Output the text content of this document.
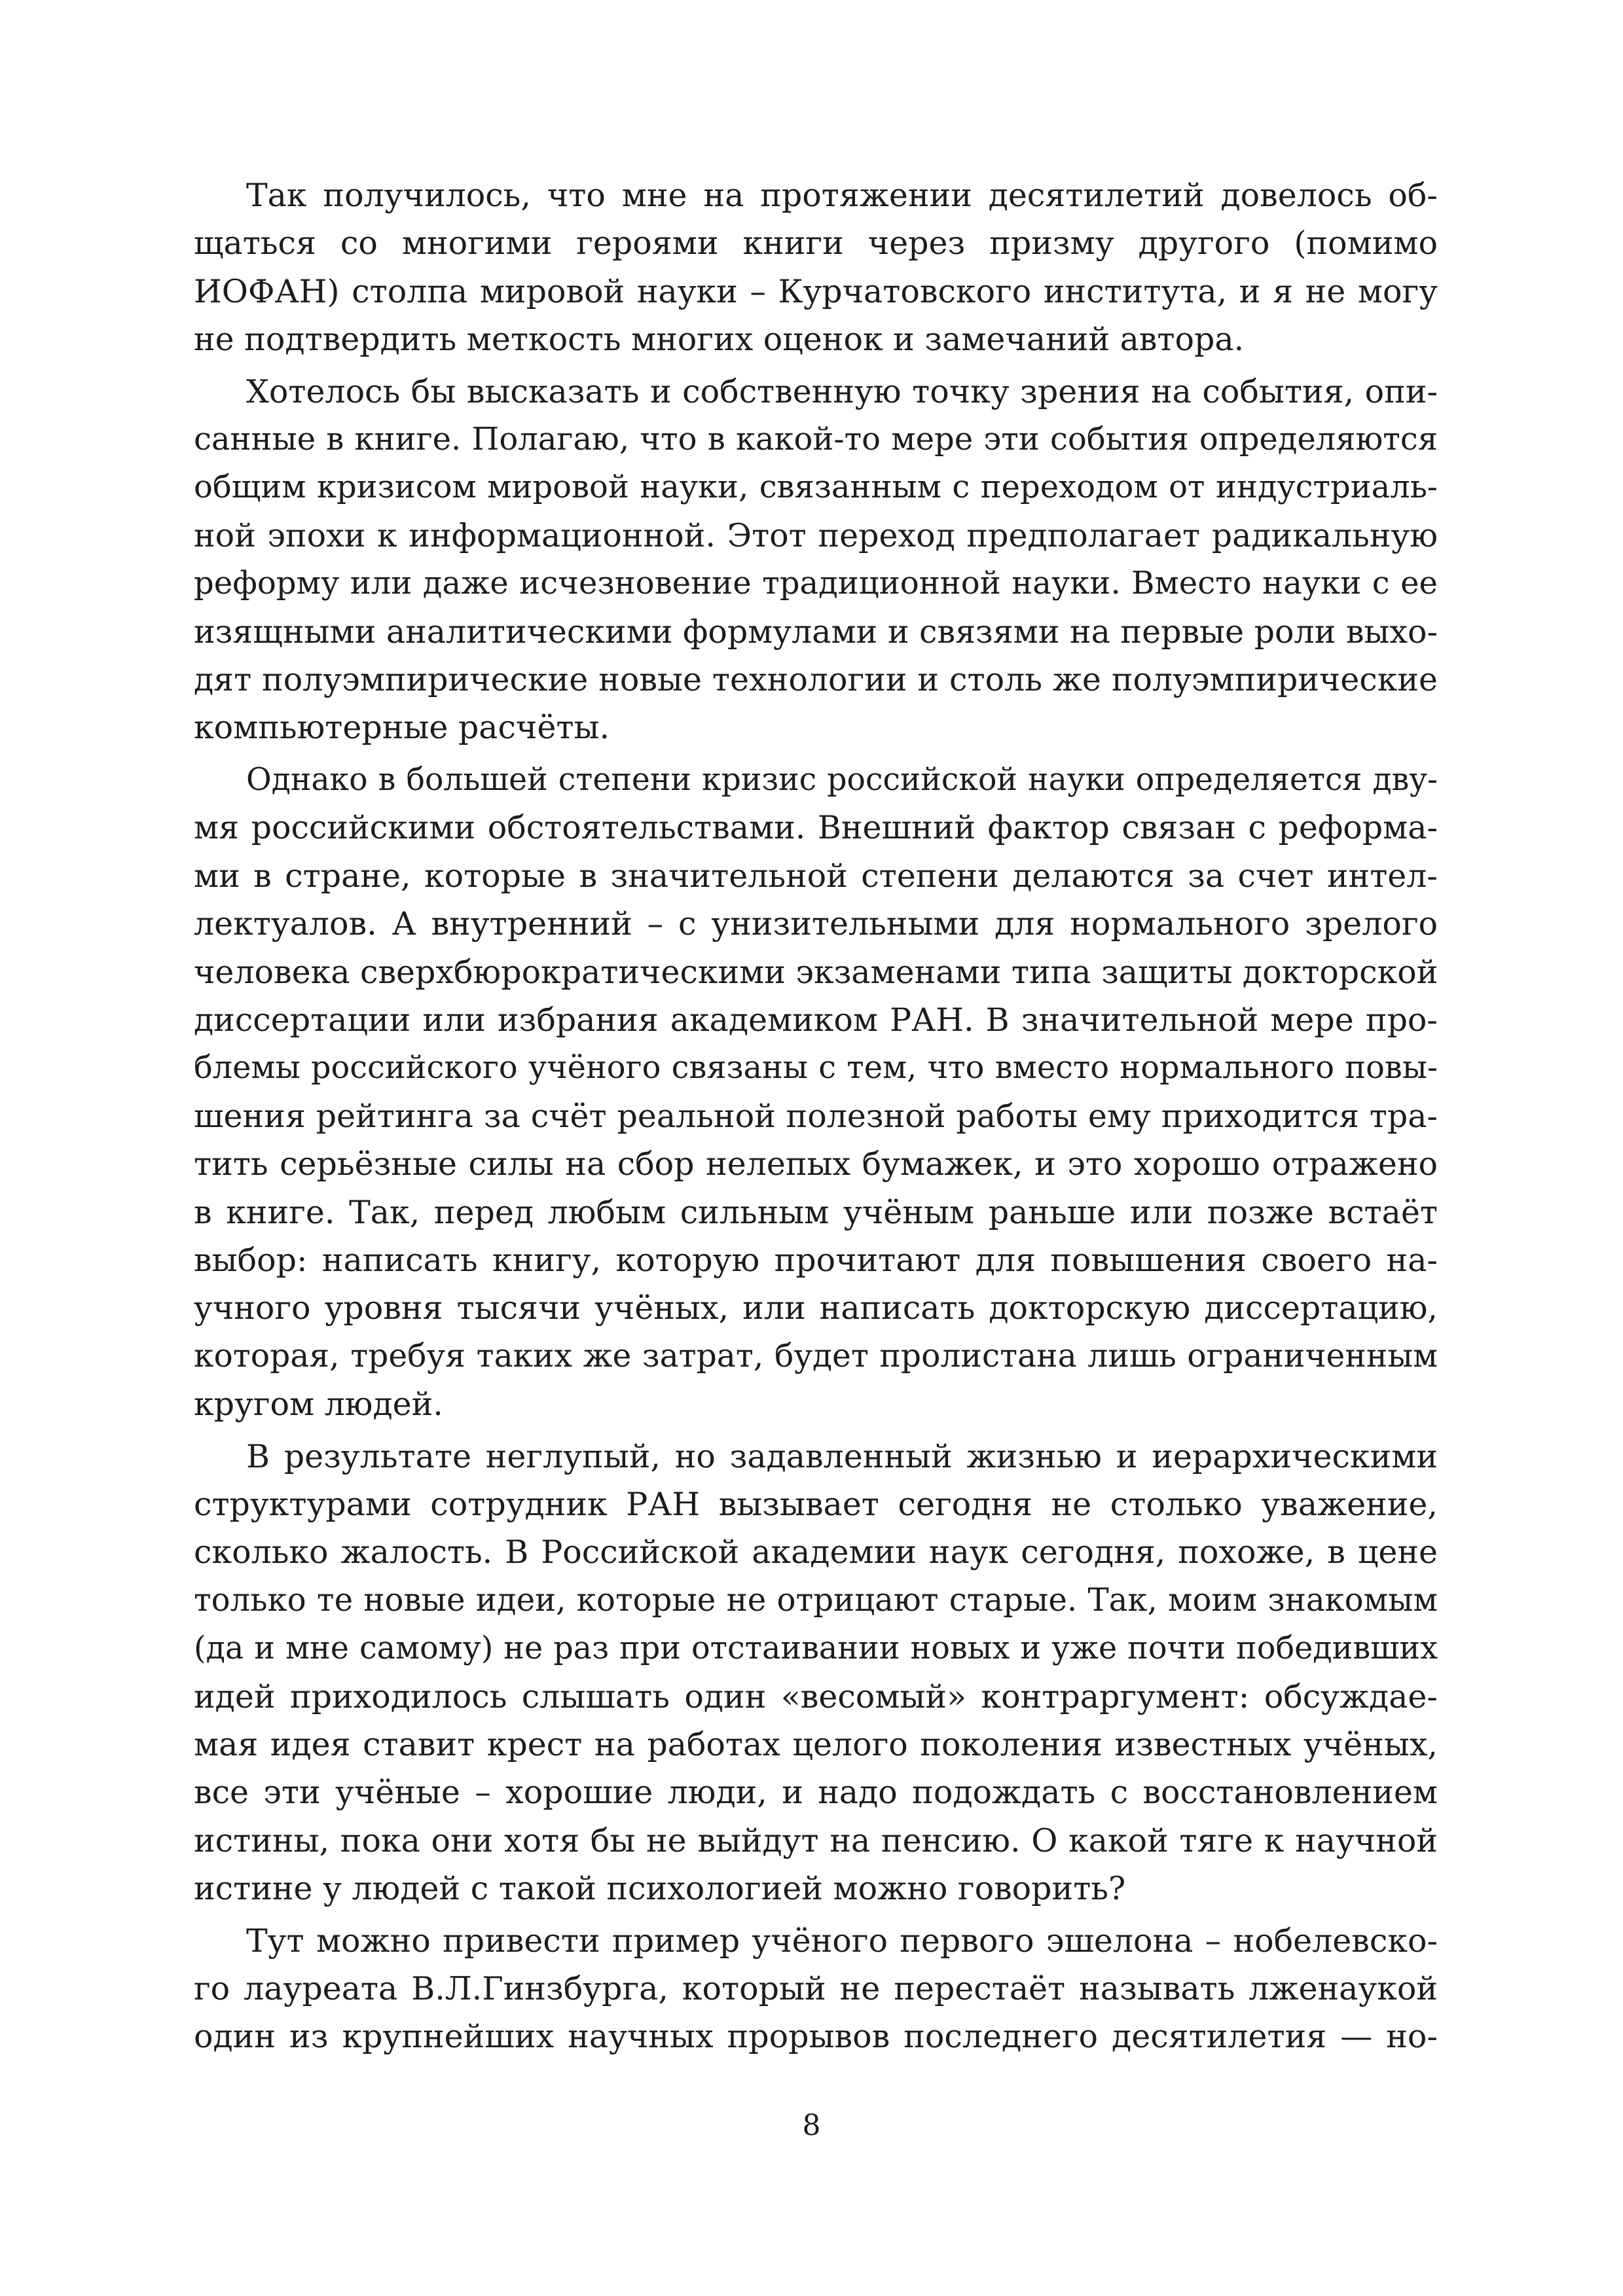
Так получилось, что мне на протяжении десятилетий довелось об-
щаться со многими героями книги через призму другого (помимо
ИОФАН) столпа мировой науки – Курчатовского института, и я не могу
не подтвердить меткость многих оценок и замечаний автора.
Хотелось бы высказать и собственную точку зрения на события, опи-
санные в книге. Полагаю, что в какой-то мере эти события определяются
общим кризисом мировой науки, связанным с переходом от индустриаль-
ной эпохи к информационной. Этот переход предполагает радикальную
реформу или даже исчезновение традиционной науки. Вместо науки с ее
изящными аналитическими формулами и связями на первые роли выхо-
дят полуэмпирические новые технологии и столь же полуэмпирические
компьютерные расчёты.
Однако в большей степени кризис российской науки определяется дву-
мя российскими обстоятельствами. Внешний фактор связан с реформа-
ми в стране, которые в значительной степени делаются за счет интел-
лектуалов. А внутренний – с унизительными для нормального зрелого
человека сверхбюрократическими экзаменами типа защиты докторской
диссертации или избрания академиком РАН. В значительной мере про-
блемы российского учёного связаны с тем, что вместо нормального повы-
шения рейтинга за счёт реальной полезной работы ему приходится тра-
тить серьёзные силы на сбор нелепых бумажек, и это хорошо отражено
в книге. Так, перед любым сильным учёным раньше или позже встаёт
выбор: написать книгу, которую прочитают для повышения своего на-
учного уровня тысячи учёных, или написать докторскую диссертацию,
которая, требуя таких же затрат, будет пролистана лишь ограниченным
кругом людей.
В результате неглупый, но задавленный жизнью и иерархическими
структурами сотрудник РАН вызывает сегодня не столько уважение,
сколько жалость. В Российской академии наук сегодня, похоже, в цене
только те новые идеи, которые не отрицают старые. Так, моим знакомым
(да и мне самому) не раз при отстаивании новых и уже почти победивших
идей приходилось слышать один «весомый» контраргумент: обсуждае-
мая идея ставит крест на работах целого поколения известных учёных,
все эти учёные – хорошие люди, и надо подождать с восстановлением
истины, пока они хотя бы не выйдут на пенсию. О какой тяге к научной
истине у людей с такой психологией можно говорить?
Тут можно привести пример учёного первого эшелона – нобелевско-
го лауреата В.Л.Гинзбурга, который не перестаёт называть лженаукой
один из крупнейших научных прорывов последнего десятилетия — но-
8
